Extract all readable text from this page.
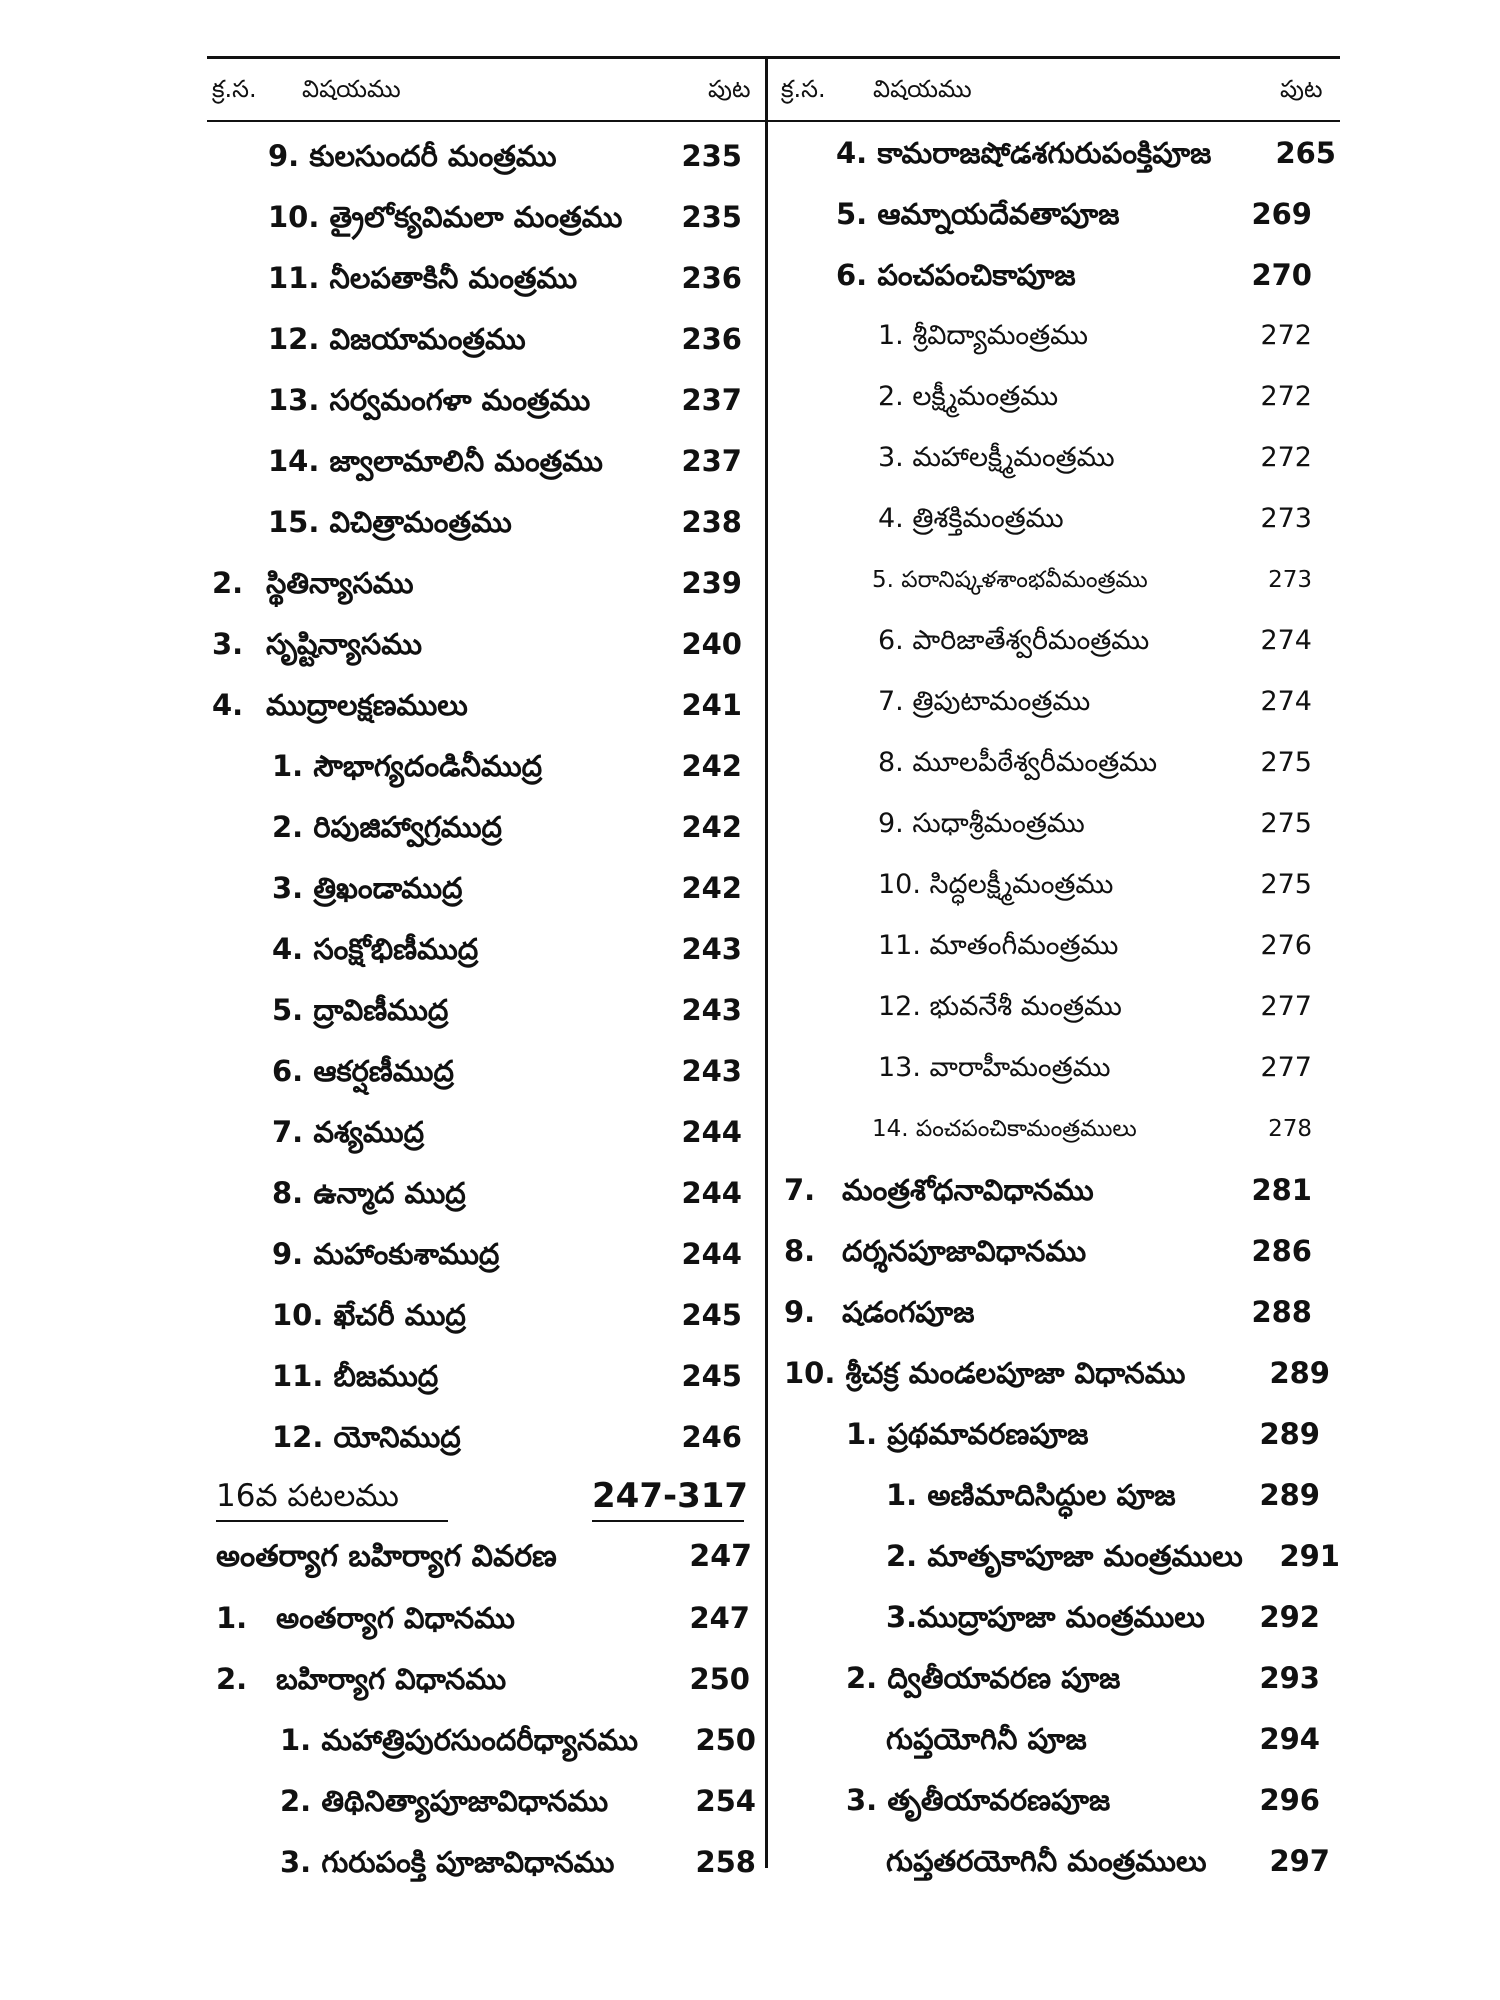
క్ర.స. విషయము	పుట క్ర.స. విషయము	పుట
9. కులసుందరీ మంత్రము	235
10. త్రైలోక్యవిమలా మంత్రము	235
11. నీలపతాకినీ మంత్రము	236
12. విజయామంత్రము	236
13. సర్వమంగళా మంత్రము	237
14. జ్వాలామాలినీ మంత్రము	237
15. విచిత్రామంత్రము	238
2. స్థితిన్యాసము	239
3. సృష్టిన్యాసము	240
4. ముద్రాలక్షణములు	241
1. సౌభాగ్యదండినీముద్ర	242
2. రిపుజిహ్వాగ్రముద్ర	242
3. త్రిఖండాముద్ర	242
4. సంక్షోభిణీముద్ర	243
5. ద్రావిణీముద్ర	243
6. ఆకర్షణీముద్ర	243
7. వశ్యముద్ర	244
8. ఉన్మాద ముద్ర	244
9. మహాంకుశాముద్ర	244
10. ఖేచరీ ముద్ర	245
11. బీజముద్ర	245
12. యోనిముద్ర	246
16వ పటలము	247-317
అంతర్యాగ బహిర్యాగ వివరణ	247
1. అంతర్యాగ విధానము	247
2. బహిర్యాగ విధానము	250
1. మహాత్రిపురసుందరీధ్యానము	250
2. తిథినిత్యాపూజావిధానము	254
3. గురుపంక్తి పూజావిధానము	258
4. కామరాజషోడశగురుపంక్తిపూజ	265
5. ఆమ్నాయదేవతాపూజ	269
6. పంచపంచికాపూజ	270
1. శ్రీవిద్యామంత్రము	272
2. లక్ష్మీమంత్రము	272
3. మహాలక్ష్మీమంత్రము	272
4. త్రిశక్తిమంత్రము	273
5. పరానిష్కళశాంభవీమంత్రము	273
6. పారిజాతేశ్వరీమంత్రము	274
7. త్రిపుటామంత్రము	274
8. మూలపీఠేశ్వరీమంత్రము	275
9. సుధాశ్రీమంత్రము	275
10. సిద్ధలక్ష్మీమంత్రము	275
11. మాతంగీమంత్రము	276
12. భువనేశీ మంత్రము	277
13. వారాహీమంత్రము	277
14. పంచపంచికామంత్రములు	278
7. మంత్రశోధనావిధానము	281
8. దర్శనపూజావిధానము	286
9. షడంగపూజ	288
10. శ్రీచక్ర మండలపూజా విధానము	289
1. ప్రథమావరణపూజ	289
1. అణిమాదిసిద్ధుల పూజ	289
2. మాతృకాపూజా మంత్రములు	291
3.ముద్రాపూజా మంత్రములు	292
2. ద్వితీయావరణ పూజ	293
గుప్తయోగినీ పూజ	294
3. తృతీయావరణపూజ	296
గుప్తతరయోగినీ మంత్రములు	297
